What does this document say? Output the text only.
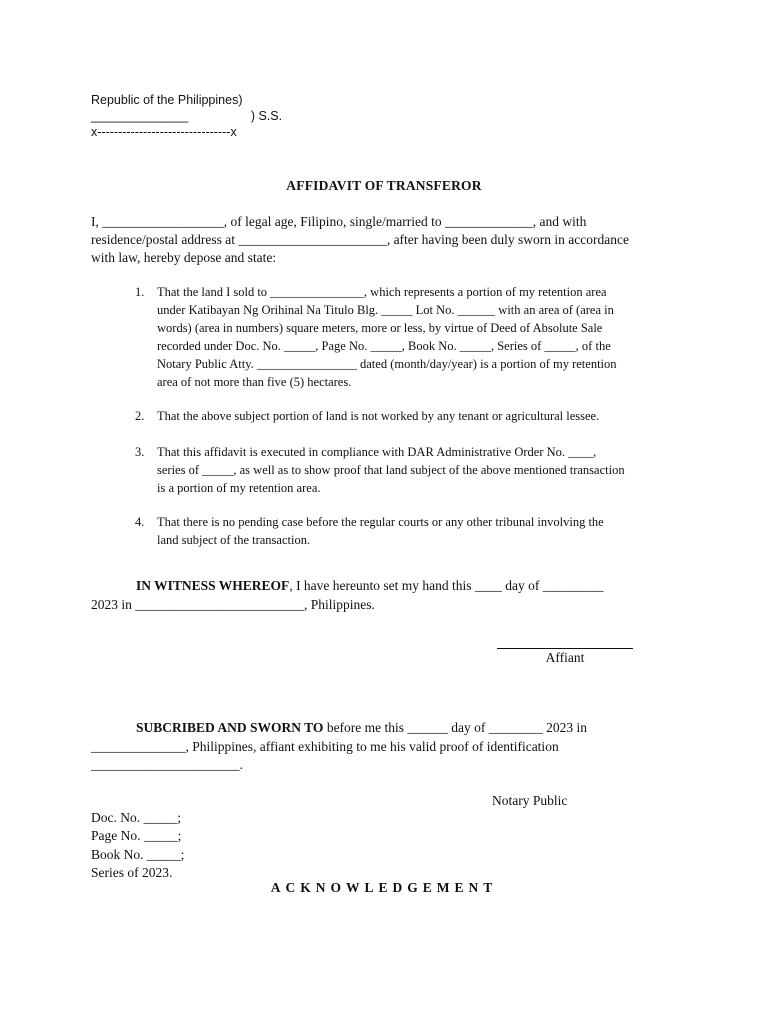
Republic of the Philippines)
______________                  ) S.S.
x--------------------------------x
AFFIDAVIT OF TRANSFEROR
I, __________________, of legal age, Filipino, single/married to _____________, and with
residence/postal address at ______________________, after having been duly sworn in accordance
with law, hereby depose and state:
1. That the land I sold to _______________, which represents a portion of my retention area
under Katibayan Ng Orihinal Na Titulo Blg. _____ Lot No. ______ with an area of (area in
words) (area in numbers) square meters, more or less, by virtue of Deed of Absolute Sale
recorded under Doc. No. _____, Page No. _____, Book No. _____, Series of _____, of the
Notary Public Atty. ________________ dated (month/day/year) is a portion of my retention
area of not more than five (5) hectares.
2. That the above subject portion of land is not worked by any tenant or agricultural lessee.
3. That this affidavit is executed in compliance with DAR Administrative Order No. ____,
series of _____, as well as to show proof that land subject of the above mentioned transaction
is a portion of my retention area.
4. That there is no pending case before the regular courts or any other tribunal involving the
land subject of the transaction.
IN WITNESS WHEREOF, I have hereunto set my hand this ____ day of _________
2023 in _________________________, Philippines.
Affiant
SUBCRIBED AND SWORN TO before me this ______ day of ________ 2023 in
______________, Philippines, affiant exhibiting to me his valid proof of identification
______________________.
Notary Public
Doc. No. _____;
Page No. _____;
Book No. _____;
Series of 2023.
ACKNOWLEDGEMENT
